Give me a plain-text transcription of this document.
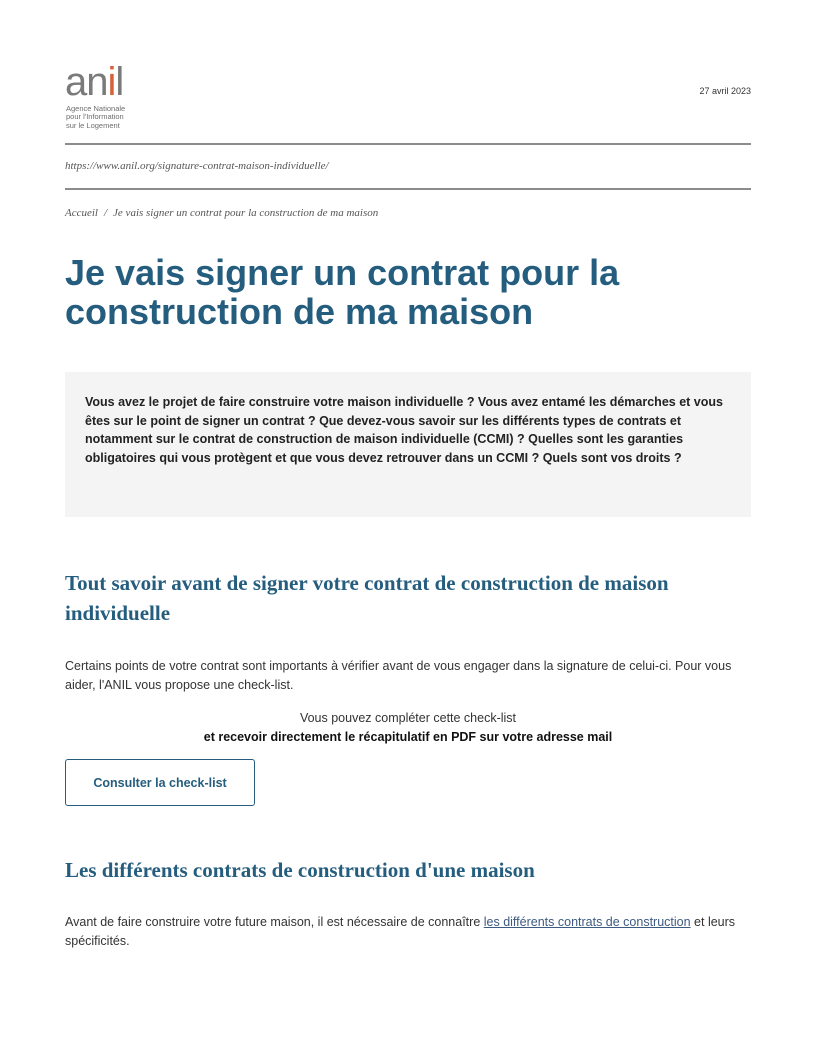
anil
Agence Nationale
pour l'Information
sur le Logement
27 avril 2023
https://www.anil.org/signature-contrat-maison-individuelle/
Accueil / Je vais signer un contrat pour la construction de ma maison
Je vais signer un contrat pour la construction de ma maison

Vous avez le projet de faire construire votre maison individuelle ? Vous avez entamé les démarches et vous êtes sur le point de signer un contrat ? Que devez-vous savoir sur les différents types de contrats et notamment sur le contrat de construction de maison individuelle (CCMI) ? Quelles sont les garanties obligatoires qui vous protègent et que vous devez retrouver dans un CCMI ? Quels sont vos droits ?

Tout savoir avant de signer votre contrat de construction de maison individuelle

Certains points de votre contrat sont importants à vérifier avant de vous engager dans la signature de celui-ci. Pour vous aider, l'ANIL vous propose une check-list.

Vous pouvez compléter cette check-list
et recevoir directement le récapitulatif en PDF sur votre adresse mail
Consulter la check-list
Les différents contrats de construction d'une maison

Avant de faire construire votre future maison, il est nécessaire de connaître les différents contrats de construction et leurs spécificités.
